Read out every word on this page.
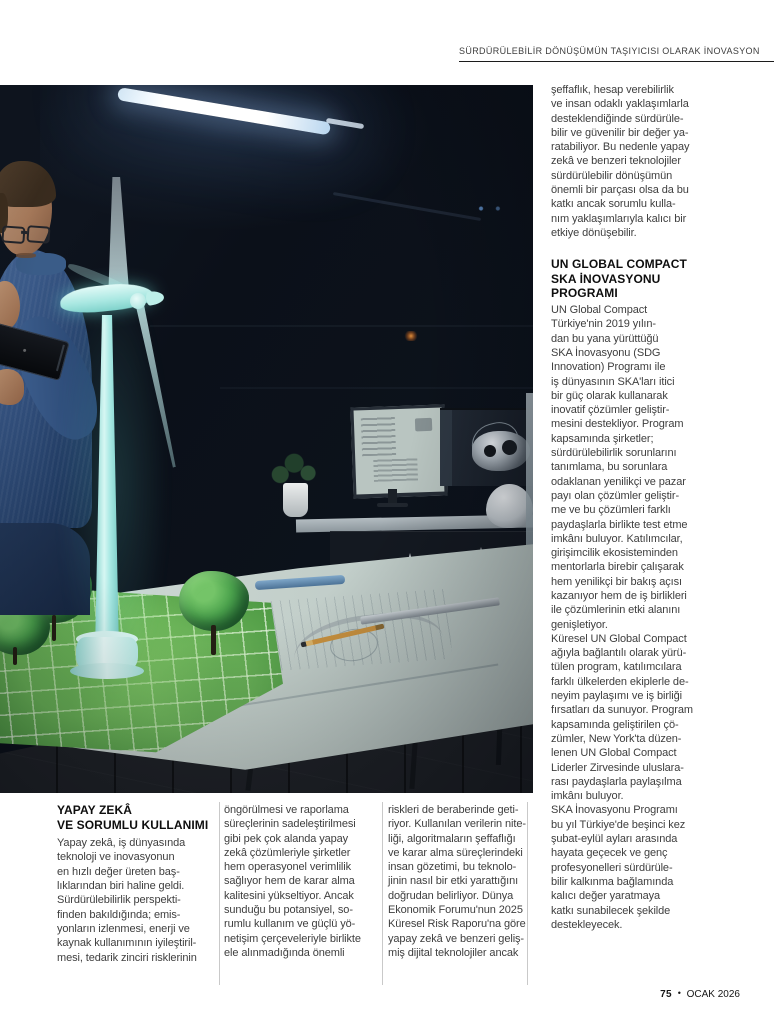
SÜRDÜRÜLEBİLİR DÖNÜŞÜMÜN TAŞIYICISI OLARAK İNOVASYON

şeffaflık, hesap verebilirlik
ve insan odaklı yaklaşımlarla
desteklendiğinde sürdürüle-
bilir ve güvenilir bir değer ya-
ratabiliyor. Bu nedenle yapay
zekâ ve benzeri teknolojiler
sürdürülebilir dönüşümün
önemli bir parçası olsa da bu
katkı ancak sorumlu kulla-
nım yaklaşımlarıyla kalıcı bir
etkiye dönüşebilir.

UN GLOBAL COMPACT
SKA İNOVASYONU
PROGRAMI

UN Global Compact
Türkiye'nin 2019 yılın-
dan bu yana yürüttüğü
SKA İnovasyonu (SDG
Innovation) Programı ile
iş dünyasının SKA'ları itici
bir güç olarak kullanarak
inovatif çözümler geliştir-
mesini destekliyor. Program
kapsamında şirketler;
sürdürülebilirlik sorunlarını
tanımlama, bu sorunlara
odaklanan yenilikçi ve pazar
payı olan çözümler geliştir-
me ve bu çözümleri farklı
paydaşlarla birlikte test etme
imkânı buluyor. Katılımcılar,
girişimcilik ekosisteminden
mentorlarla birebir çalışarak
hem yenilikçi bir bakış açısı
kazanıyor hem de iş birlikleri
ile çözümlerinin etki alanını
genişletiyor.
Küresel UN Global Compact
ağıyla bağlantılı olarak yürü-
tülen program, katılımcılara
farklı ülkelerden ekiplerle de-
neyim paylaşımı ve iş birliği
fırsatları da sunuyor. Program
kapsamında geliştirilen çö-
zümler, New York'ta düzen-
lenen UN Global Compact
Liderler Zirvesinde uluslara-
rası paydaşlarla paylaşılma
imkânı buluyor.
SKA İnovasyonu Programı
bu yıl Türkiye'de beşinci kez
şubat-eylül ayları arasında
hayata geçecek ve genç
profesyonelleri sürdürüle-
bilir kalkınma bağlamında
kalıcı değer yaratmaya
katkı sunabilecek şekilde
destekleyecek.

YAPAY ZEKÂ
VE SORUMLU KULLANIMI

Yapay zekâ, iş dünyasında
teknoloji ve inovasyonun
en hızlı değer üreten baş-
lıklarından biri haline geldi.
Sürdürülebilirlik perspekti-
finden bakıldığında; emis-
yonların izlenmesi, enerji ve
kaynak kullanımının iyileştiril-
mesi, tedarik zinciri risklerinin

öngörülmesi ve raporlama
süreçlerinin sadeleştirilmesi
gibi pek çok alanda yapay
zekâ çözümleriyle şirketler
hem operasyonel verimlilik
sağlıyor hem de karar alma
kalitesini yükseltiyor. Ancak
sunduğu bu potansiyel, so-
rumlu kullanım ve güçlü yö-
netişim çerçeveleriyle birlikte
ele alınmadığında önemli

riskleri de beraberinde geti-
riyor. Kullanılan verilerin nite-
liği, algoritmaların şeffaflığı
ve karar alma süreçlerindeki
insan gözetimi, bu teknolo-
jinin nasıl bir etki yarattığını
doğrudan belirliyor. Dünya
Ekonomik Forumu'nun 2025
Küresel Risk Raporu'na göre
yapay zekâ ve benzeri geliş-
miş dijital teknolojiler ancak

75 • OCAK 2026
